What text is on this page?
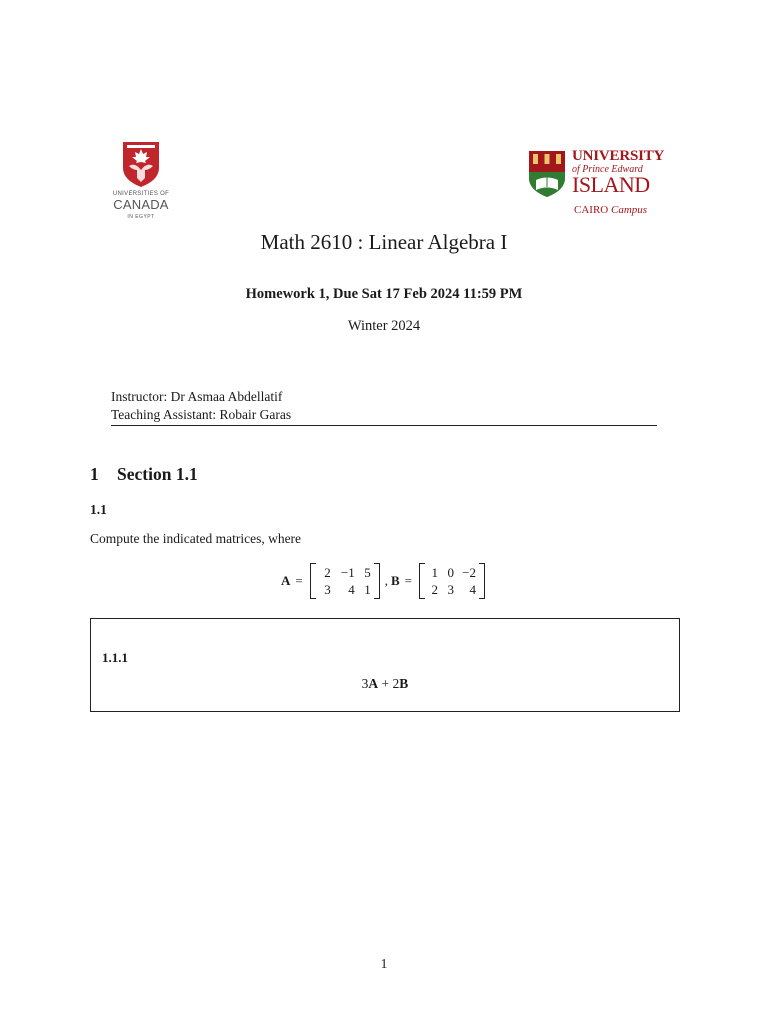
UNIVERSITIES OF
CANADA
IN EGYPT
UNIVERSITY
of Prince Edward
ISLAND
CAIRO Campus
Math 2610 : Linear Algebra I
Homework 1, Due Sat 17 Feb 2024 11:59 PM
Winter 2024
Instructor: Dr Asmaa Abdellatif
Teaching Assistant: Robair Garas
1 Section 1.1
1.1
Compute the indicated matrices, where
A =
2 −1 5
3	4 1
, B =
1 0 −2
2 3	4
1.1.1
3A + 2B
1
